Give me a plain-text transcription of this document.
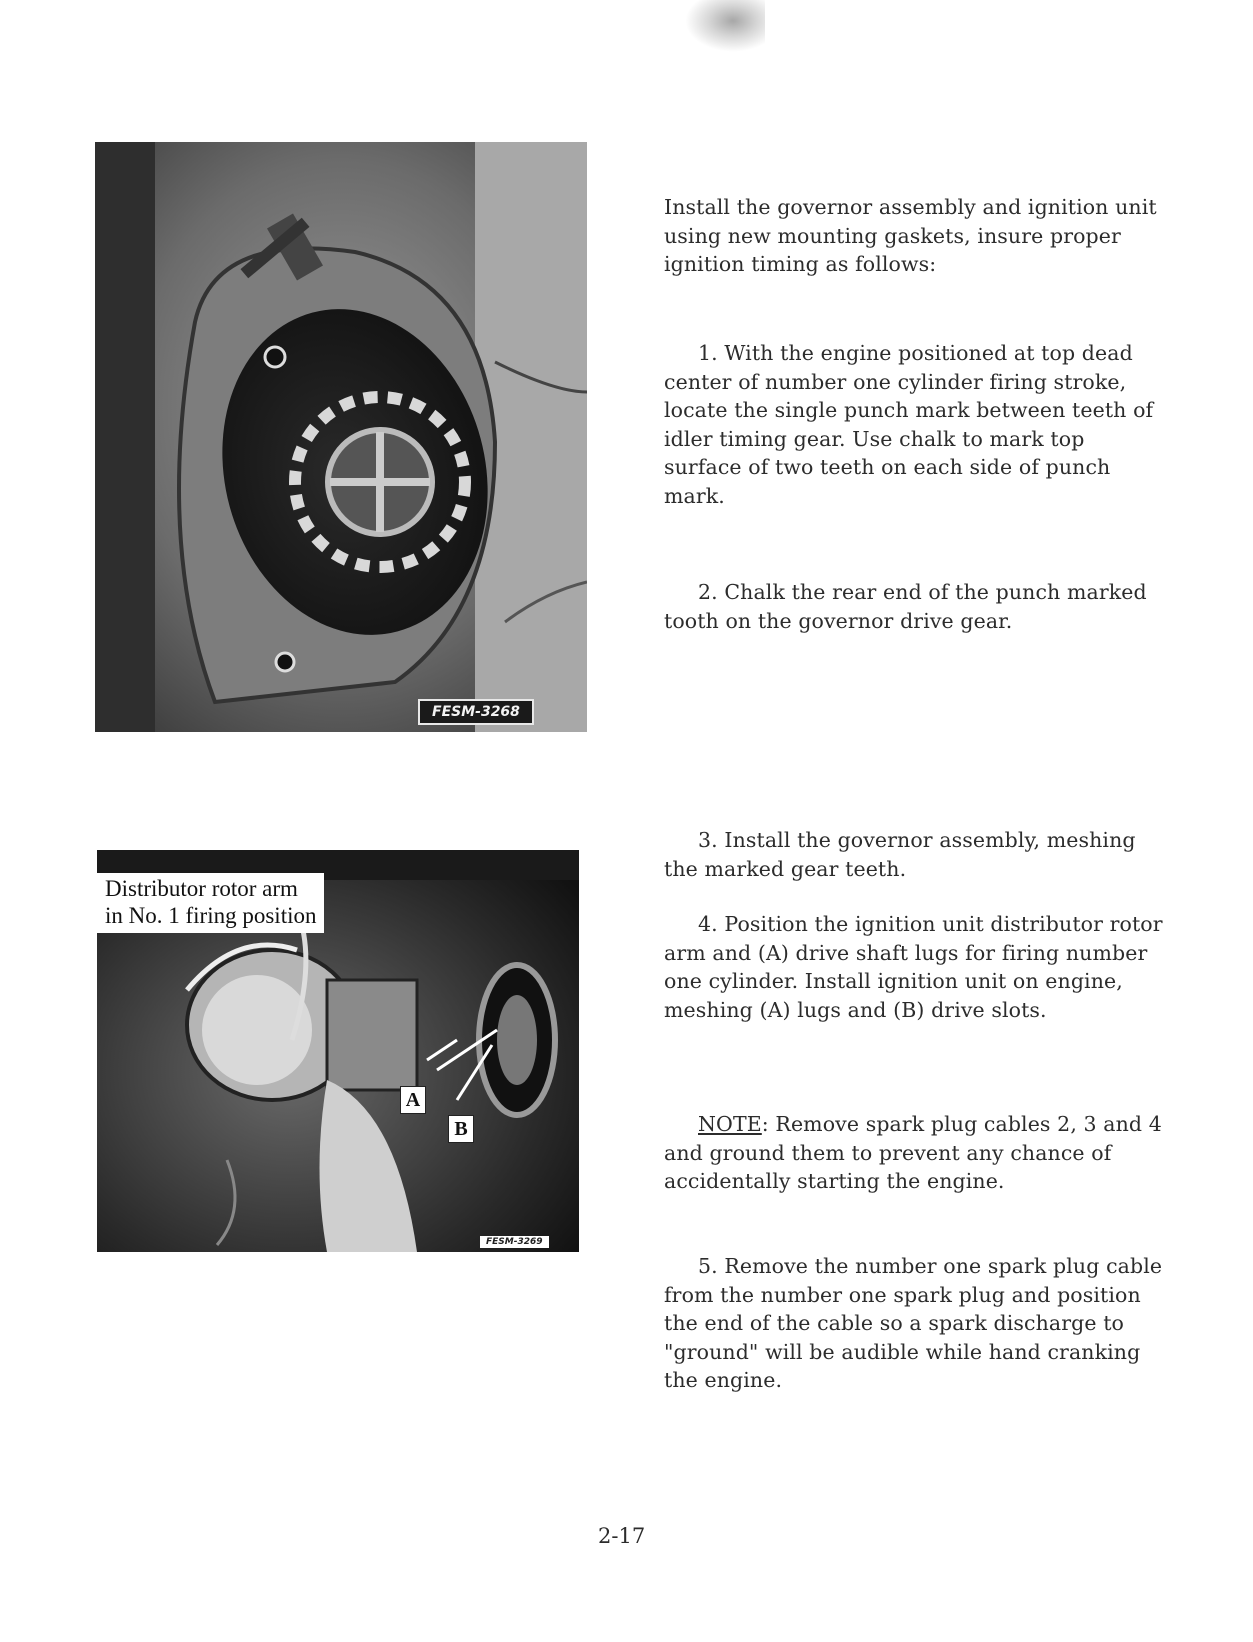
FESM-3268
Distributor rotor arm
in No. 1 firing position
A
B
FESM-3269
Install the governor assembly and ignition unit using new mounting gaskets, insure proper ignition timing as follows:
1. With the engine positioned at top dead center of number one cylinder firing stroke, locate the single punch mark between teeth of idler timing gear. Use chalk to mark top surface of two teeth on each side of punch mark.
2. Chalk the rear end of the punch marked tooth on the governor drive gear.
3. Install the governor assembly, meshing the marked gear teeth.
4. Position the ignition unit distributor rotor arm and (A) drive shaft lugs for firing number one cylinder. Install ignition unit on engine, meshing (A) lugs and (B) drive slots.
NOTE: Remove spark plug cables 2, 3 and 4 and ground them to prevent any chance of accidentally starting the engine.
5. Remove the number one spark plug cable from the number one spark plug and position the end of the cable so a spark discharge to "ground" will be audible while hand cranking the engine.
2-17
